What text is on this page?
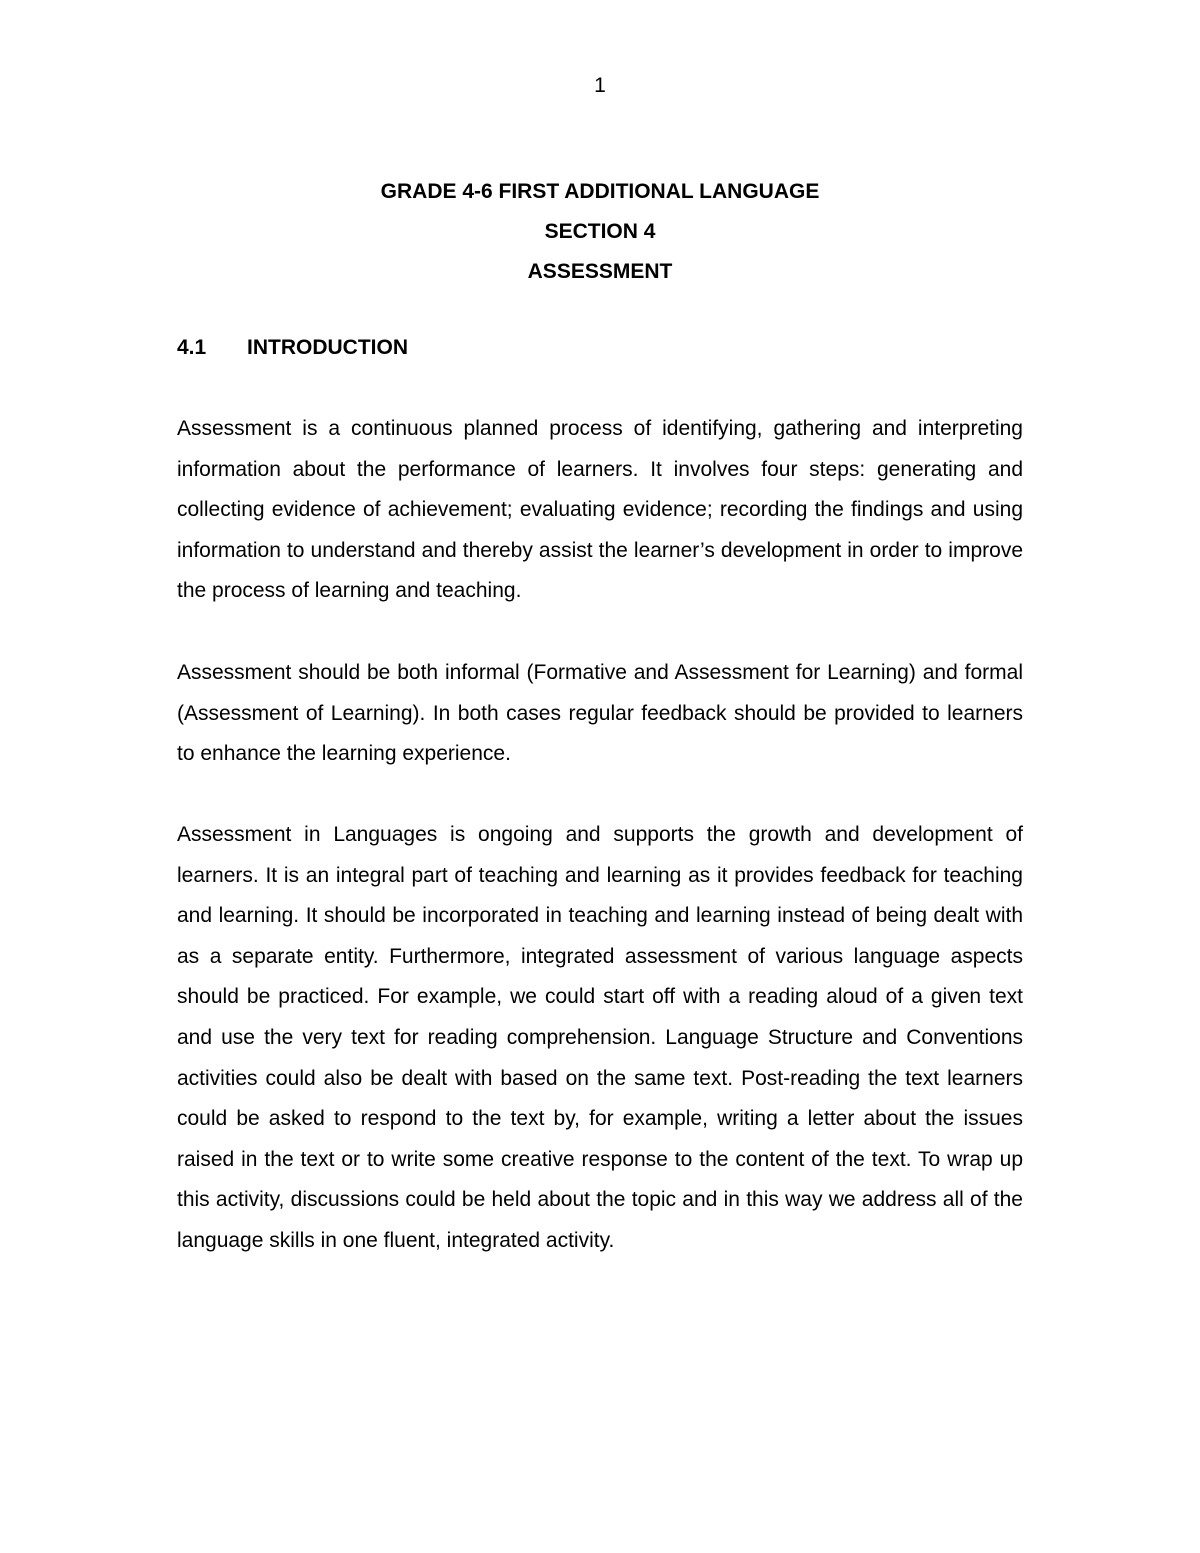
1
GRADE 4-6 FIRST ADDITIONAL LANGUAGE
SECTION 4
ASSESSMENT
4.1 INTRODUCTION

Assessment is a continuous planned process of identifying, gathering and interpreting information about the performance of learners. It involves four steps: generating and collecting evidence of achievement; evaluating evidence; recording the findings and using information to understand and thereby assist the learner’s development in order to improve the process of learning and teaching.

Assessment should be both informal (Formative and Assessment for Learning) and formal (Assessment of Learning). In both cases regular feedback should be provided to learners to enhance the learning experience.

Assessment in Languages is ongoing and supports the growth and development of learners. It is an integral part of teaching and learning as it provides feedback for teaching and learning. It should be incorporated in teaching and learning instead of being dealt with as a separate entity. Furthermore, integrated assessment of various language aspects should be practiced. For example, we could start off with a reading aloud of a given text and use the very text for reading comprehension. Language Structure and Conventions activities could also be dealt with based on the same text. Post-reading the text learners could be asked to respond to the text by, for example, writing a letter about the issues raised in the text or to write some creative response to the content of the text. To wrap up this activity, discussions could be held about the topic and in this way we address all of the language skills in one fluent, integrated activity.
